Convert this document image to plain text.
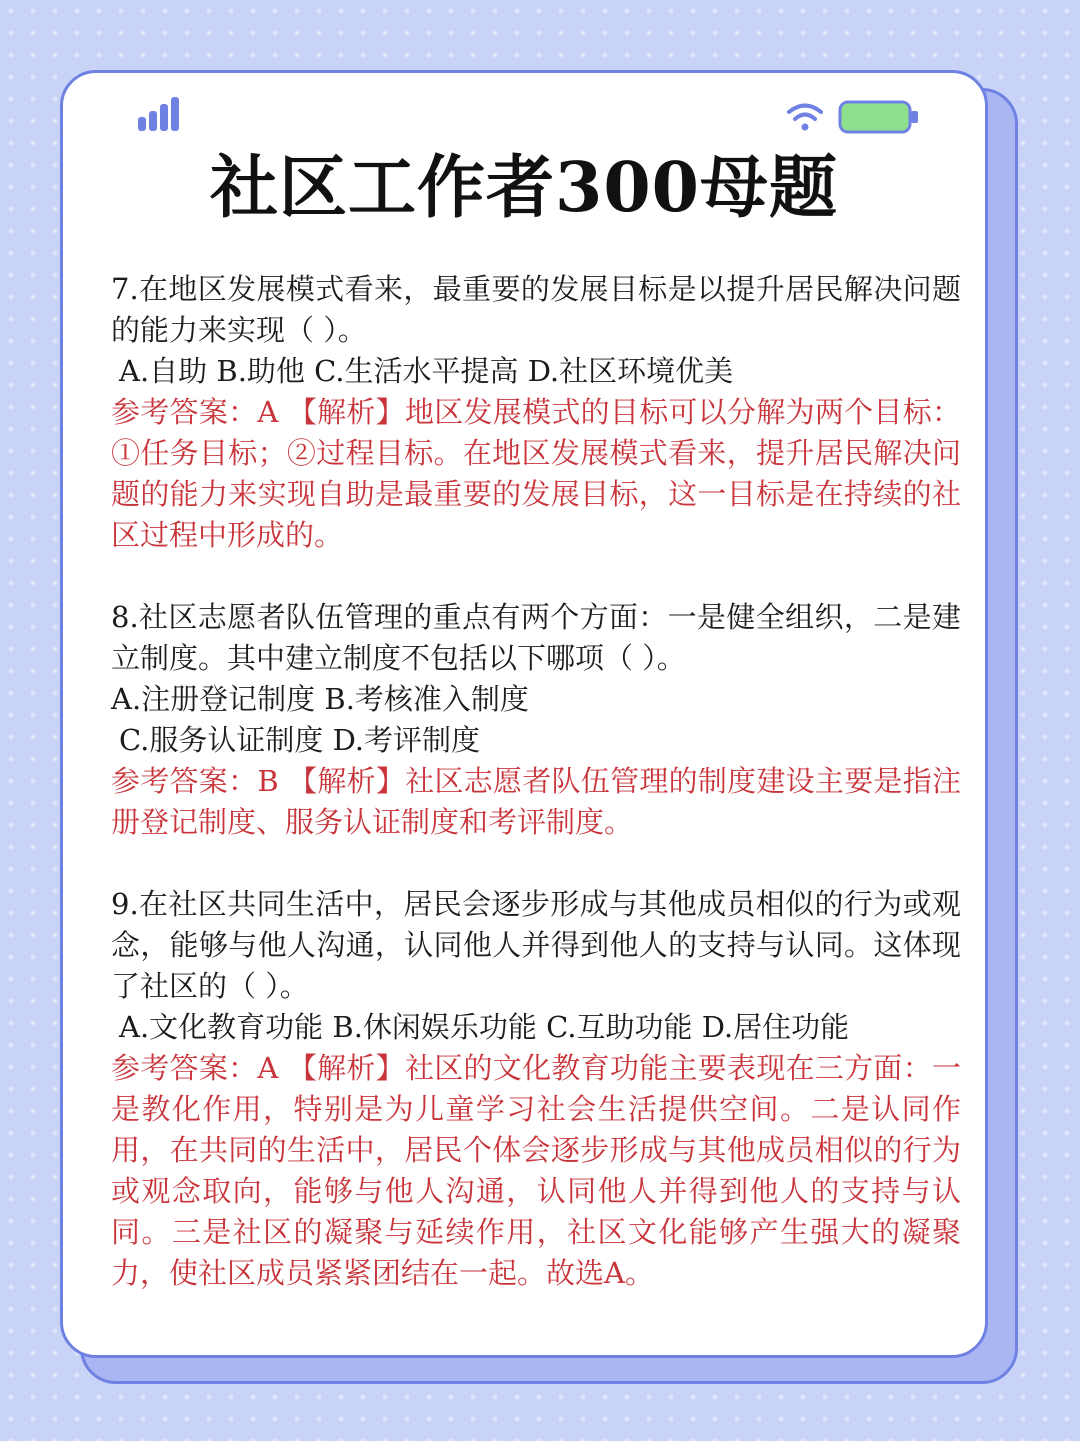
社区工作者300母题

7.在地区发展模式看来，最重要的发展目标是以提升居民解决问题的能力来实现（ ）。

A.自助 B.助他 C.生活水平提高 D.社区环境优美

参考答案：A 【解析】地区发展模式的目标可以分解为两个目标：①任务目标；②过程目标。在地区发展模式看来，提升居民解决问题的能力来实现自助是最重要的发展目标，这一目标是在持续的社区过程中形成的。

8.社区志愿者队伍管理的重点有两个方面：一是健全组织，二是建立制度。其中建立制度不包括以下哪项（ ）。

A.注册登记制度 B.考核准入制度

C.服务认证制度 D.考评制度

参考答案：B 【解析】社区志愿者队伍管理的制度建设主要是指注册登记制度、服务认证制度和考评制度。

9.在社区共同生活中，居民会逐步形成与其他成员相似的行为或观念，能够与他人沟通，认同他人并得到他人的支持与认同。这体现了社区的（ ）。

A.文化教育功能 B.休闲娱乐功能 C.互助功能 D.居住功能

参考答案：A 【解析】社区的文化教育功能主要表现在三方面：一是教化作用，特别是为儿童学习社会生活提供空间。二是认同作用，在共同的生活中，居民个体会逐步形成与其他成员相似的行为或观念取向，能够与他人沟通，认同他人并得到他人的支持与认同。三是社区的凝聚与延续作用，社区文化能够产生强大的凝聚力，使社区成员紧紧团结在一起。故选A。
